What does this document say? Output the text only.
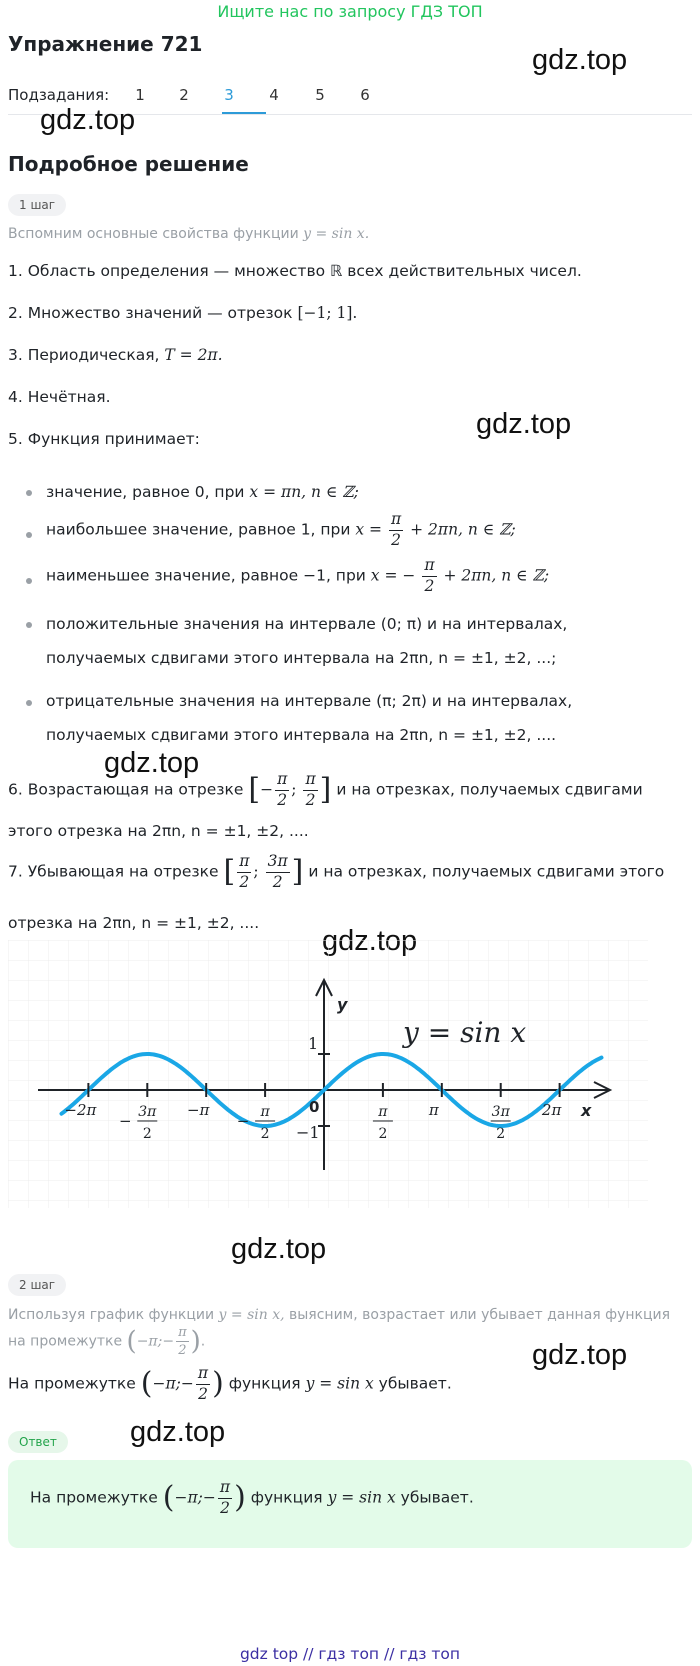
Ищите нас по запросу ГДЗ ТОП
Упражнение 721	gdz.top
Подзадания:	1	2	3	4	5	6
gdz.top
Подробное решение
1 шаг
Вспомним основные свойства функции y = sin x.
1. Область определения — множество ℝ всех действительных чисел.
2. Множество значений — отрезок [−1; 1].
3. Периодическая, T = 2π.
4. Нечётная.
gdz.top
5. Функция принимает:
значение, равное 0, при x = πn, n ∈ ℤ;
наибольшее значение, равное 1, при $x = \frac{\pi}{2} + 2\pi n$, n ∈ ℤ;
наименьшее значение, равное −1, при x = − $\frac{\pi}{2} + 2\pi n$, n ∈ ℤ;
положительные значения на интервале (0; π) и на интервалах,
получаемых сдвигами этого интервала на 2πn, n = ±1, ±2, ...;
отрицательные значения на интервале (π; 2π) и на интервалах,
получаемых сдвигами этого интервала на 2πn, n = ±1, ±2, ....
gdz.top
6. Возрастающая на отрезке [− $\frac{\pi}{2}$ ; $\frac{\pi}{2}$ ] и на отрезках, получаемых сдвигами
этого отрезка на 2πn, n = ±1, ±2, ....
7. Убывающая на отрезке [ $\frac{\pi}{2}$ ; $\frac{3\pi}{2}$ ] и на отрезках, получаемых сдвигами этого
отрезка на 2πn, n = ±1, ±2, ....
−2π
− 3π
2
−π
− π
2
π
2
π	3π
2
2π
y = sin x
y
x
0
1
−1
gdz.top
2 шаг
Используя график функции y = sin x, выясним, возрастает или убывает данная функция
на промежутке (−π;− $\frac{\pi}{2}$ ).	gdz.top
На промежутке (−π;− $\frac{\pi}{2}$ ) функция y = sin x убывает.
gdz.top
Ответ
На промежутке (−π;− $\frac{\pi}{2}$ ) функция y = sin x убывает.
gdz top // гдз топ // гдз топ
